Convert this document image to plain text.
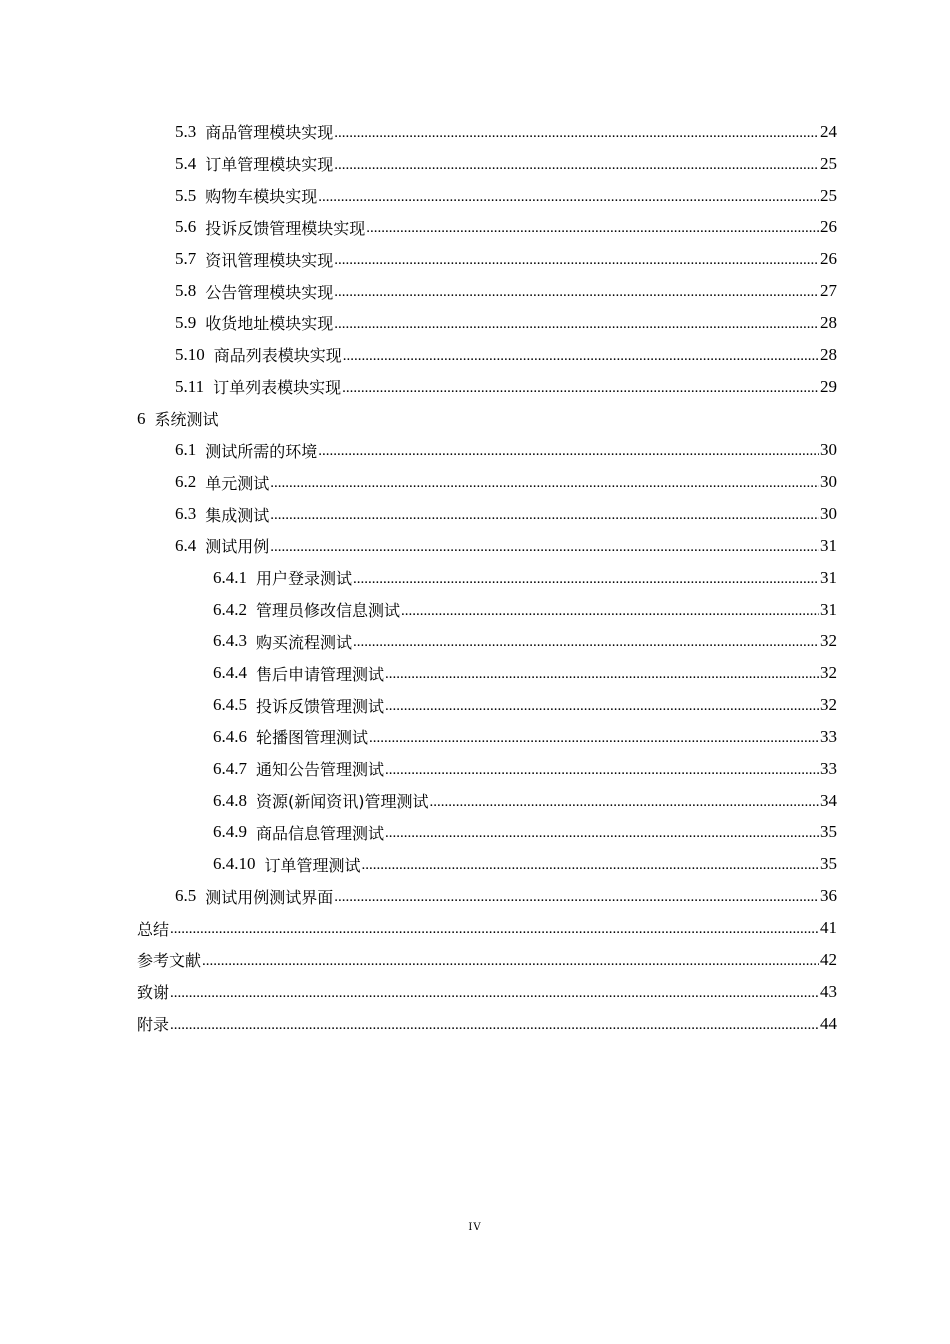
5.3 商品管理模块实现 .....	24
5.4 订单管理模块实现 .....	25
5.5 购物车模块实现 .....	25
5.6 投诉反馈管理模块实现 .....	26
5.7 资讯管理模块实现 .....	26
5.8 公告管理模块实现 .....	27
5.9 收货地址模块实现 .....	28
5.10 商品列表模块实现 .....	28
5.11 订单列表模块实现 .....	29
6 系统测试
6.1 测试所需的环境 .....	30
6.2 单元测试 .....	30
6.3 集成测试 .....	30
6.4 测试用例 .....	31
6.4.1 用户登录测试 .....	31
6.4.2 管理员修改信息测试 .....	31
6.4.3 购买流程测试 .....	32
6.4.4 售后申请管理测试 .....	32
6.4.5 投诉反馈管理测试 .....	32
6.4.6 轮播图管理测试 .....	33
6.4.7 通知公告管理测试 .....	33
6.4.8 资源(新闻资讯)管理测试 .....	34
6.4.9 商品信息管理测试 .....	35
6.4.10 订单管理测试 .....	35
6.5 测试用例测试界面 .....	36
总结 .....	41
参考文献 .....	42
致谢 .....	43
附录 .....	44
IV
